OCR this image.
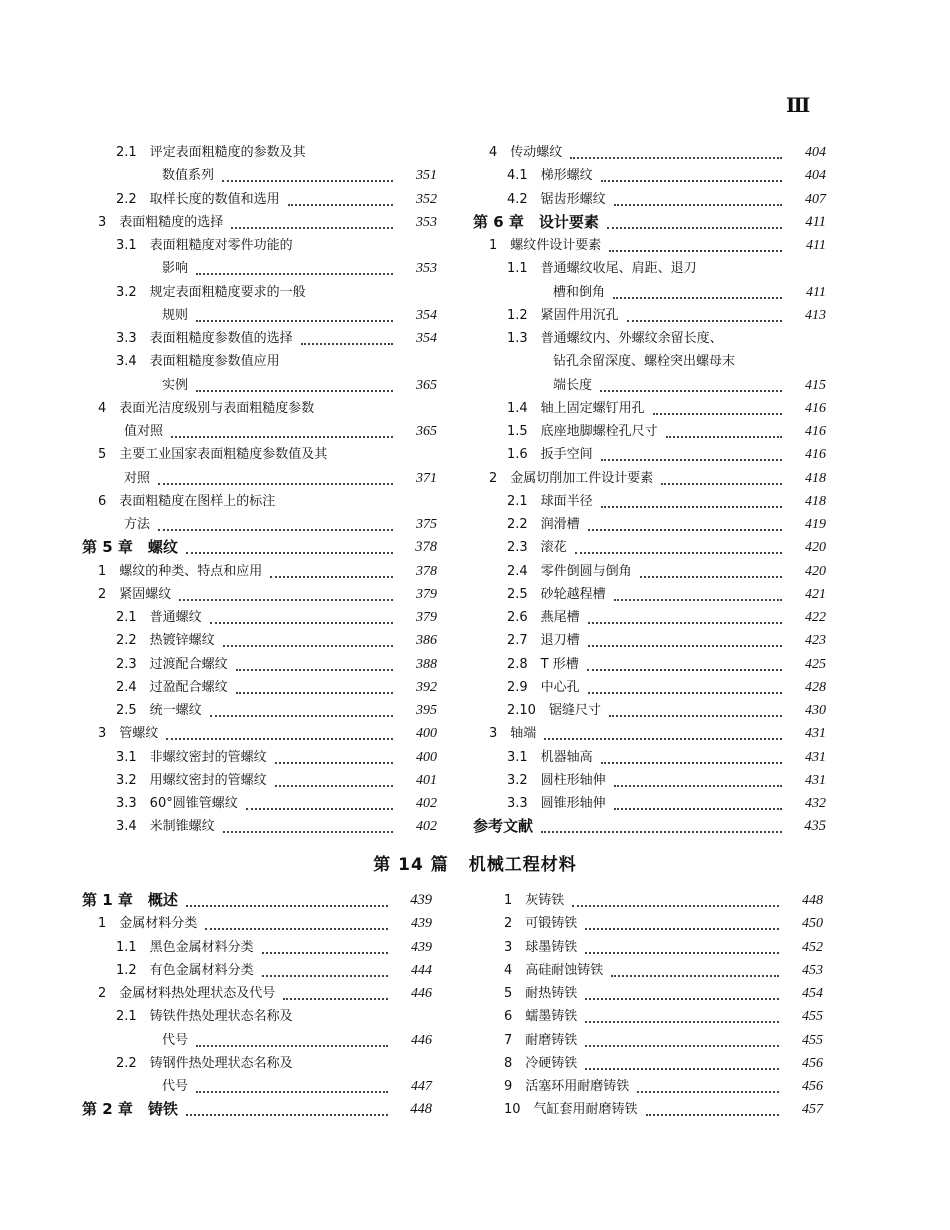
Ⅲ
2.1　评定表面粗糙度的参数及其
数值系列	351
2.2　取样长度的数值和选用	352
3　表面粗糙度的选择	353
3.1　表面粗糙度对零件功能的
影响	353
3.2　规定表面粗糙度要求的一般
规则	354
3.3　表面粗糙度参数值的选择	354
3.4　表面粗糙度参数值应用
实例	365
4　表面光洁度级别与表面粗糙度参数
值对照	365
5　主要工业国家表面粗糙度参数值及其
对照	371
6　表面粗糙度在图样上的标注
方法	375
第 5 章　螺纹	378
1　螺纹的种类、特点和应用	378
2　紧固螺纹	379
2.1　普通螺纹	379
2.2　热镀锌螺纹	386
2.3　过渡配合螺纹	388
2.4　过盈配合螺纹	392
2.5　统一螺纹	395
3　管螺纹	400
3.1　非螺纹密封的管螺纹	400
3.2　用螺纹密封的管螺纹	401
3.3　60°圆锥管螺纹	402
3.4　米制锥螺纹	402
4　传动螺纹	404
4.1　梯形螺纹	404
4.2　锯齿形螺纹	407
第 6 章　设计要素	411
1　螺纹件设计要素	411
1.1　普通螺纹收尾、肩距、退刀
槽和倒角	411
1.2　紧固件用沉孔	413
1.3　普通螺纹内、外螺纹余留长度、
钻孔余留深度、螺栓突出螺母末
端长度	415
1.4　轴上固定螺钉用孔	416
1.5　底座地脚螺栓孔尺寸	416
1.6　扳手空间	416
2　金属切削加工件设计要素	418
2.1　球面半径	418
2.2　润滑槽	419
2.3　滚花	420
2.4　零件倒圆与倒角	420
2.5　砂轮越程槽	421
2.6　燕尾槽	422
2.7　退刀槽	423
2.8　T 形槽	425
2.9　中心孔	428
2.10　锯缝尺寸	430
3　轴端	431
3.1　机器轴高	431
3.2　圆柱形轴伸	431
3.3　圆锥形轴伸	432
参考文献	435
第 14 篇 机械工程材料
第 1 章　概述	439
1　金属材料分类	439
1.1　黑色金属材料分类	439
1.2　有色金属材料分类	444
2　金属材料热处理状态及代号	446
2.1　铸铁件热处理状态名称及
代号	446
2.2　铸钢件热处理状态名称及
代号	447
第 2 章　铸铁	448
1　灰铸铁	448
2　可锻铸铁	450
3　球墨铸铁	452
4　高硅耐蚀铸铁	453
5　耐热铸铁	454
6　蠕墨铸铁	455
7　耐磨铸铁	455
8　冷硬铸铁	456
9　活塞环用耐磨铸铁	456
10　气缸套用耐磨铸铁	457
